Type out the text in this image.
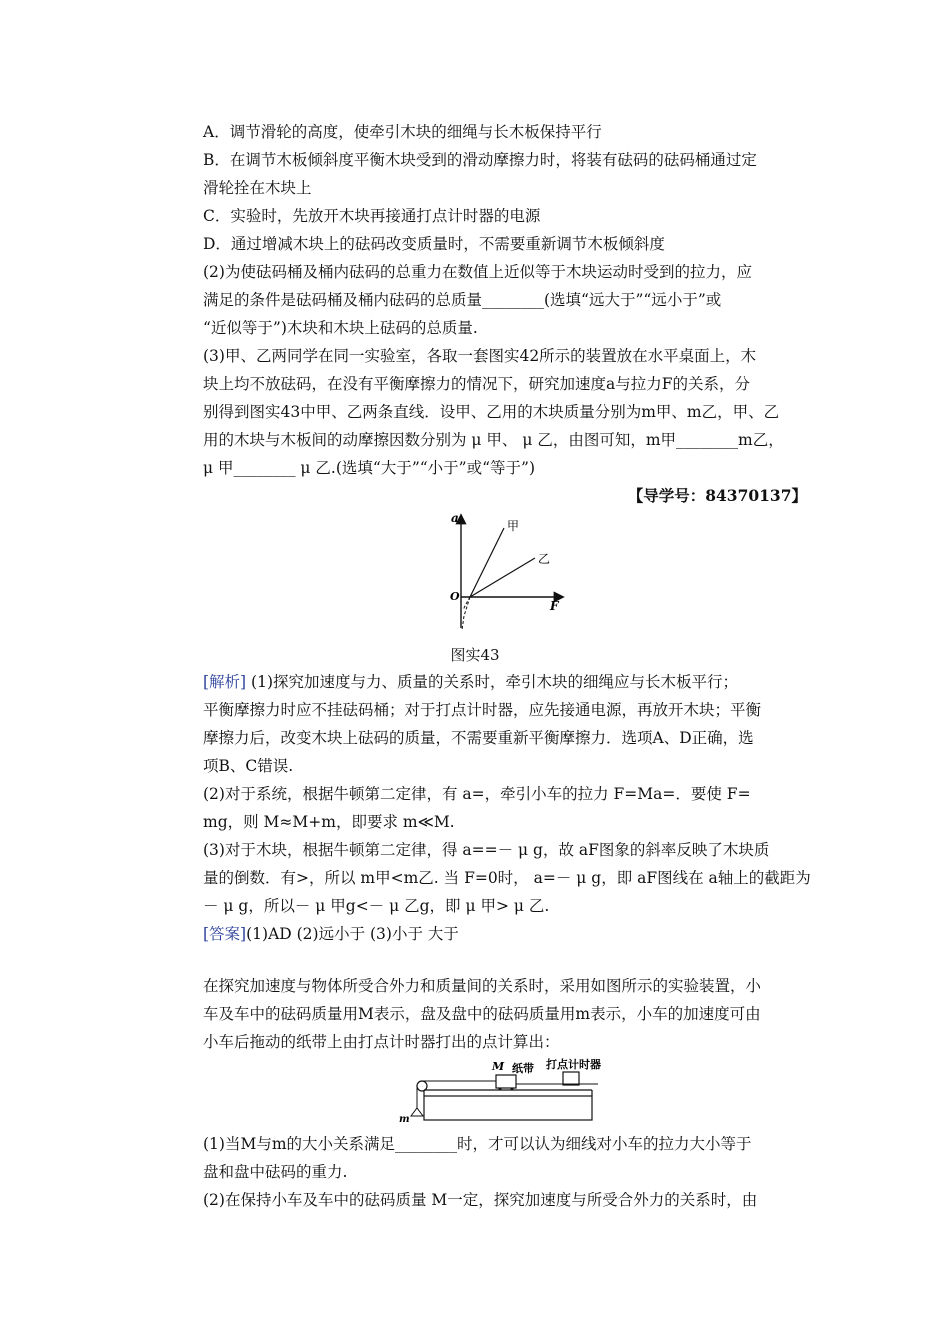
A．调节滑轮的高度，使牵引木块的细绳与长木板保持平行
B．在调节木板倾斜度平衡木块受到的滑动摩擦力时，将装有砝码的砝码桶通过定
滑轮拴在木块上
C．实验时，先放开木块再接通打点计时器的电源
D．通过增减木块上的砝码改变质量时，不需要重新调节木板倾斜度
(2)为使砝码桶及桶内砝码的总重力在数值上近似等于木块运动时受到的拉力，应
满足的条件是砝码桶及桶内砝码的总质量________(选填“远大于”“远小于”或
“近似等于”)木块和木块上砝码的总质量.
(3)甲、乙两同学在同一实验室，各取一套图实42所示的装置放在水平桌面上，木
块上均不放砝码，在没有平衡摩擦力的情况下，研究加速度a与拉力F的关系，分
别得到图实43中甲、乙两条直线．设甲、乙用的木块质量分别为m甲、m乙，甲、乙
用的木块与木板间的动摩擦因数分别为 μ 甲、 μ 乙，由图可知，m甲________m乙，
μ 甲________ μ 乙.(选填“大于”“小于”或“等于”)
【导学号：84370137】
a
F
O
甲
乙
图实43
[解析] (1)探究加速度与力、质量的关系时，牵引木块的细绳应与长木板平行；
平衡摩擦力时应不挂砝码桶；对于打点计时器，应先接通电源，再放开木块；平衡
摩擦力后，改变木块上砝码的质量，不需要重新平衡摩擦力．选项A、D正确，选
项B、C错误.
(2)对于系统，根据牛顿第二定律，有 a=，牵引小车的拉力 F=Ma=．要使 F=
mg，则 M≈M+m，即要求 m≪M.
(3)对于木块，根据牛顿第二定律，得 a==－ μ g，故 aF图象的斜率反映了木块质
量的倒数．有>，所以 m甲<m乙. 当 F=0时， a=－ μ g，即 aF图线在 a轴上的截距为
－ μ g，所以－ μ 甲g<－ μ 乙g，即 μ 甲> μ 乙.
[答案](1)AD (2)远小于 (3)小于 大于
在探究加速度与物体所受合外力和质量间的关系时，采用如图所示的实验装置，小
车及车中的砝码质量用M表示，盘及盘中的砝码质量用m表示，小车的加速度可由
小车后拖动的纸带上由打点计时器打出的点计算出：
M 纸带 打点计时器
m
(1)当M与m的大小关系满足________时，才可以认为细线对小车的拉力大小等于
盘和盘中砝码的重力.
(2)在保持小车及车中的砝码质量 M一定，探究加速度与所受合外力的关系时，由
